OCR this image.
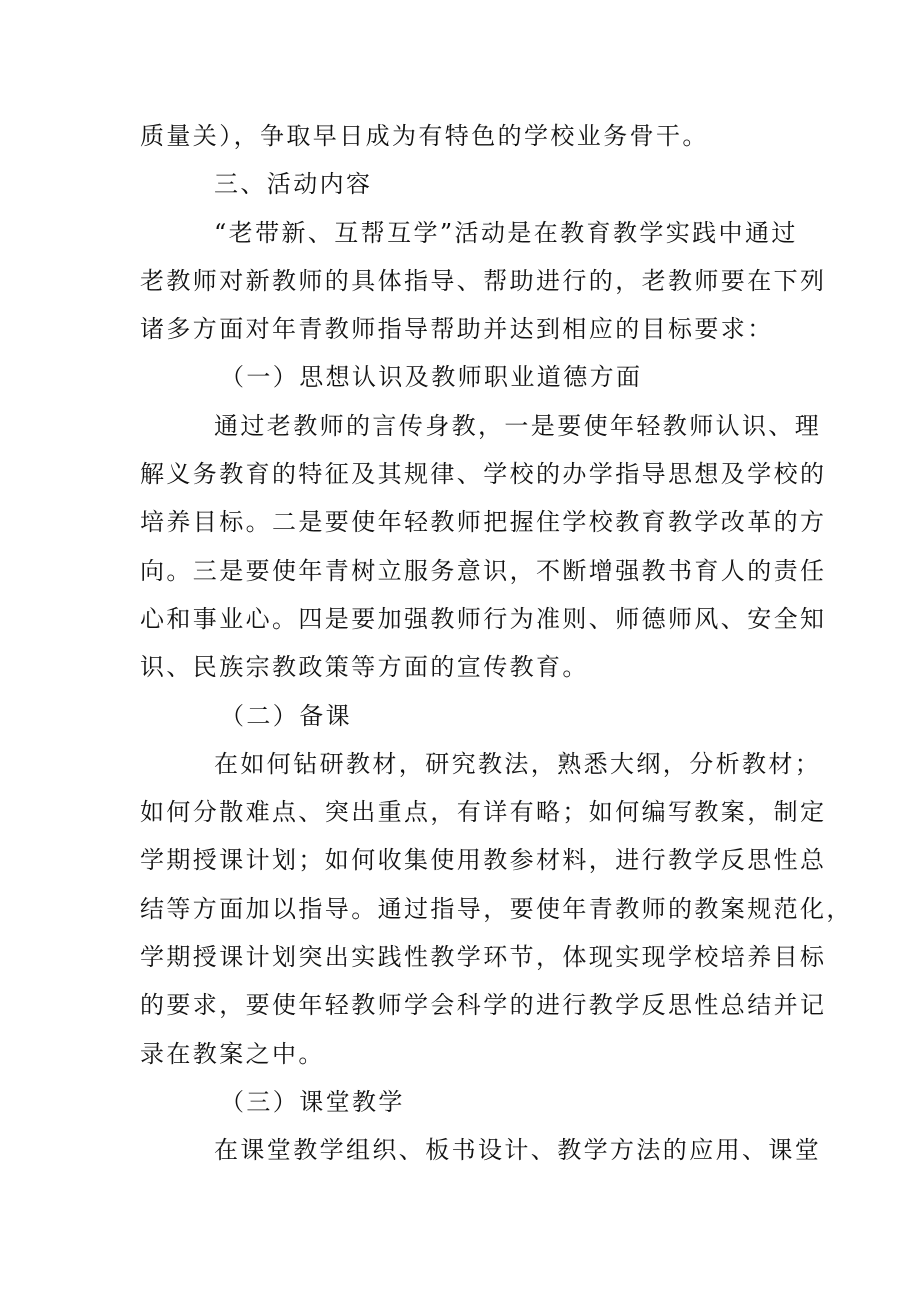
质量关），争取早日成为有特色的学校业务骨干。
三、活动内容
“老带新、互帮互学”活动是在教育教学实践中通过
老教师对新教师的具体指导、帮助进行的，老教师要在下列
诸多方面对年青教师指导帮助并达到相应的目标要求：
（一）思想认识及教师职业道德方面
通过老教师的言传身教，一是要使年轻教师认识、理
解义务教育的特征及其规律、学校的办学指导思想及学校的
培养目标。二是要使年轻教师把握住学校教育教学改革的方
向。三是要使年青树立服务意识，不断增强教书育人的责任
心和事业心。四是要加强教师行为准则、师德师风、安全知
识、民族宗教政策等方面的宣传教育。
（二）备课
在如何钻研教材，研究教法，熟悉大纲，分析教材；
如何分散难点、突出重点，有详有略；如何编写教案，制定
学期授课计划；如何收集使用教参材料，进行教学反思性总
结等方面加以指导。通过指导，要使年青教师的教案规范化，
学期授课计划突出实践性教学环节，体现实现学校培养目标
的要求，要使年轻教师学会科学的进行教学反思性总结并记
录在教案之中。
（三）课堂教学
在课堂教学组织、板书设计、教学方法的应用、课堂
